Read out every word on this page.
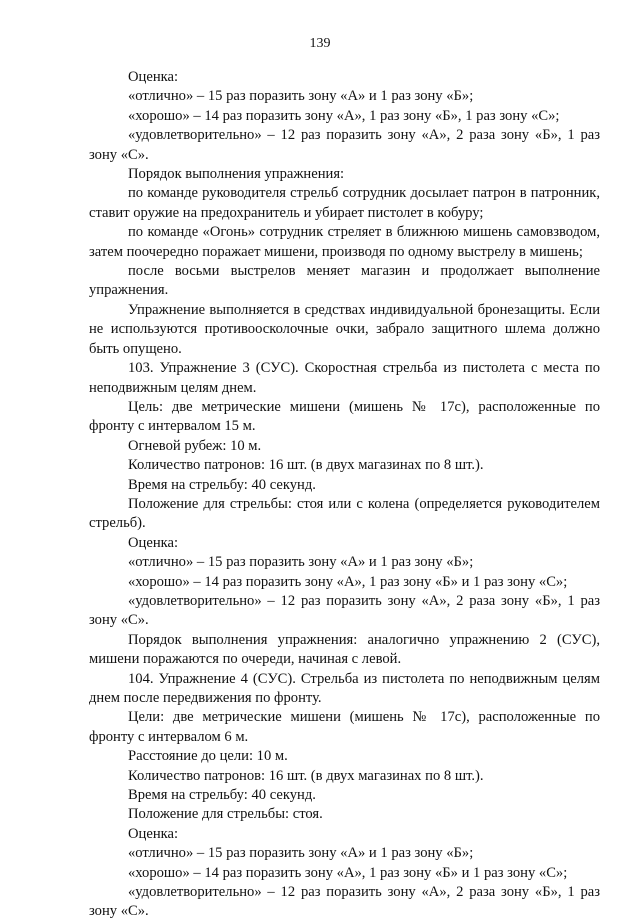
139

Оценка:

«отлично» – 15 раз поразить зону «А» и 1 раз зону «Б»;

«хорошо» – 14 раз поразить зону «А», 1 раз зону «Б», 1 раз зону «С»;

«удовлетворительно» – 12 раз поразить зону «А», 2 раза зону «Б», 1 раз зону «С».

Порядок выполнения упражнения:

по команде руководителя стрельб сотрудник досылает патрон в патронник, ставит оружие на предохранитель и убирает пистолет в кобуру;

по команде «Огонь» сотрудник стреляет в ближнюю мишень самовзводом, затем поочередно поражает мишени, производя по одному выстрелу в мишень;

после восьми выстрелов меняет магазин и продолжает выполнение упражнения.

Упражнение выполняется в средствах индивидуальной бронезащиты. Если не используются противоосколочные очки, забрало защитного шлема должно быть опущено.

103. Упражнение 3 (СУС). Скоростная стрельба из пистолета с места по неподвижным целям днем.

Цель: две метрические мишени (мишень № 17с), расположенные по фронту с интервалом 15 м.

Огневой рубеж: 10 м.

Количество патронов: 16 шт. (в двух магазинах по 8 шт.).

Время на стрельбу: 40 секунд.

Положение для стрельбы: стоя или с колена (определяется руководителем стрельб).

Оценка:

«отлично» – 15 раз поразить зону «А» и 1 раз зону «Б»;

«хорошо» – 14 раз поразить зону «А», 1 раз зону «Б» и 1 раз зону «С»;

«удовлетворительно» – 12 раз поразить зону «А», 2 раза зону «Б», 1 раз зону «С».

Порядок выполнения упражнения: аналогично упражнению 2 (СУС), мишени поражаются по очереди, начиная с левой.

104. Упражнение 4 (СУС). Стрельба из пистолета по неподвижным целям днем после передвижения по фронту.

Цели: две метрические мишени (мишень № 17с), расположенные по фронту с интервалом 6 м.

Расстояние до цели: 10 м.

Количество патронов: 16 шт. (в двух магазинах по 8 шт.).

Время на стрельбу: 40 секунд.

Положение для стрельбы: стоя.

Оценка:

«отлично» – 15 раз поразить зону «А» и 1 раз зону «Б»;

«хорошо» – 14 раз поразить зону «А», 1 раз зону «Б» и 1 раз зону «С»;

«удовлетворительно» – 12 раз поразить зону «А», 2 раза зону «Б», 1 раз зону «С».
